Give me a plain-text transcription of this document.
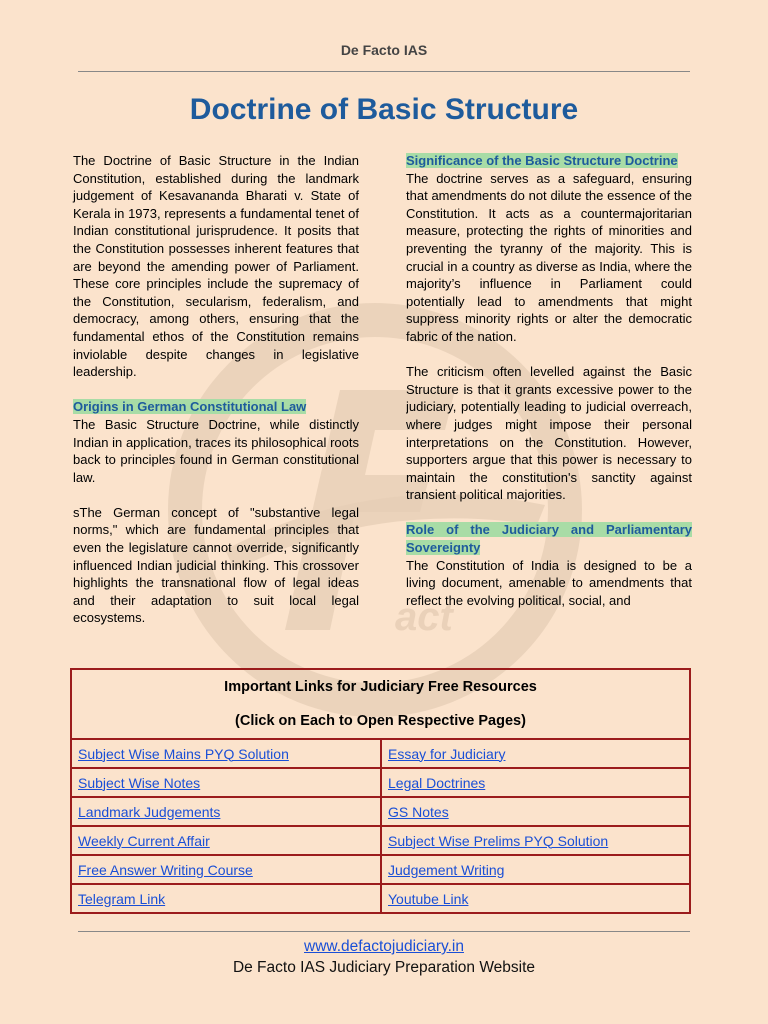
De Facto IAS
Doctrine of Basic Structure
act

The Doctrine of Basic Structure in the Indian Constitution, established during the landmark judgement of Kesavananda Bharati v. State of Kerala in 1973, represents a fundamental tenet of Indian constitutional jurisprudence. It posits that the Constitution possesses inherent features that are beyond the amending power of Parliament. These core principles include the supremacy of the Constitution, secularism, federalism, and democracy, among others, ensuring that the fundamental ethos of the Constitution remains inviolable despite changes in legislative leadership.

Origins in German Constitutional Law

The Basic Structure Doctrine, while distinctly Indian in application, traces its philosophical roots back to principles found in German constitutional law.

sThe German concept of "substantive legal norms," which are fundamental principles that even the legislature cannot override, significantly influenced Indian judicial thinking. This crossover highlights the transnational flow of legal ideas and their adaptation to suit local legal ecosystems.

Significance of the Basic Structure Doctrine

The doctrine serves as a safeguard, ensuring that amendments do not dilute the essence of the Constitution. It acts as a countermajoritarian measure, protecting the rights of minorities and preventing the tyranny of the majority. This is crucial in a country as diverse as India, where the majority’s influence in Parliament could potentially lead to amendments that might suppress minority rights or alter the democratic fabric of the nation.

The criticism often levelled against the Basic Structure is that it grants excessive power to the judiciary, potentially leading to judicial overreach, where judges might impose their personal interpretations on the Constitution. However, supporters argue that this power is necessary to maintain the constitution's sanctity against transient political majorities.

Role of the Judiciary and Parliamentary Sovereignty

The Constitution of India is designed to be a living document, amenable to amendments that reflect the evolving political, social, and

Important Links for Judiciary Free Resources
(Click on Each to Open Respective Pages)	

Subject Wise Mains PYQ Solution	Essay for Judiciary
Subject Wise Notes	Legal Doctrines
Landmark Judgements	GS Notes
Weekly Current Affair	Subject Wise Prelims PYQ Solution
Free Answer Writing Course	Judgement Writing
Telegram Link	Youtube Link
www.defactojudiciary.in
De Facto IAS Judiciary Preparation Website
